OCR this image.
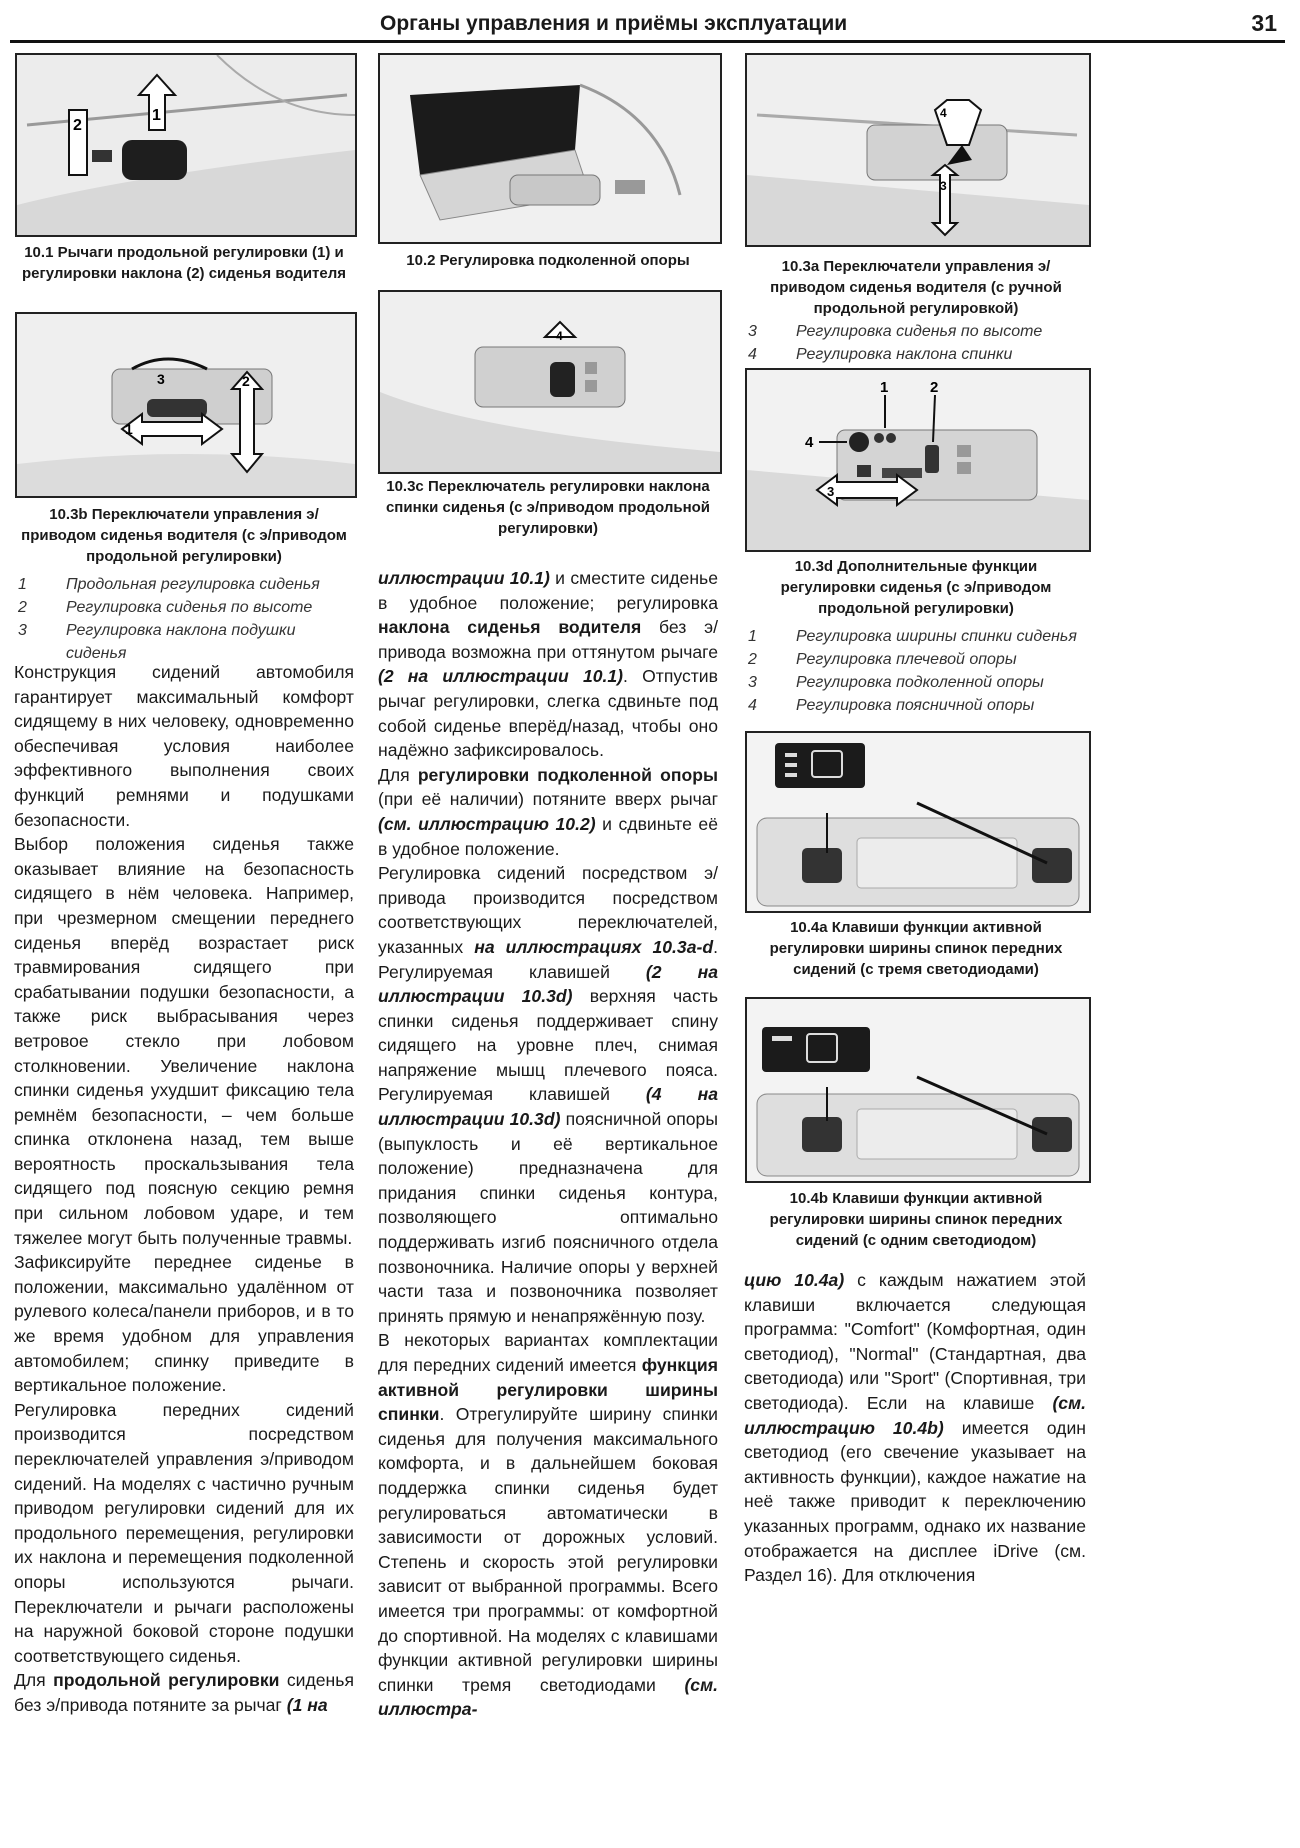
Органы управления и приёмы эксплуатации	31
2
1
10.1 Рычаги продольной регулировки (1) и регулировки наклона (2) сиденья водителя
1
2
3
10.3b Переключатели управления э/приводом сиденья водителя (с э/приводом продольной регулировки)
1	Продольная регулировка сиденья
2	Регулировка сиденья по высоте
3	Регулировка наклона подушки сиденья

Конструкция сидений автомобиля гарантирует максимальный комфорт сидящему в них человеку, одновременно обеспечивая условия наиболее эффективного выполнения своих функций ремнями и подушками безопасности.

Выбор положения сиденья также оказывает влияние на безопасность сидящего в нём человека. Например, при чрезмерном смещении переднего сиденья вперёд возрастает риск травмирования сидящего при срабатывании подушки безопасности, а также риск выбрасывания через ветровое стекло при лобовом столкновении. Увеличение наклона спинки сиденья ухудшит фиксацию тела ремнём безопасности, – чем больше спинка отклонена назад, тем выше вероятность проскальзывания тела сидящего под поясную секцию ремня при сильном лобовом ударе, и тем тяжелее могут быть полученные травмы.

Зафиксируйте переднее сиденье в положении, максимально удалённом от рулевого колеса/панели приборов, и в то же время удобном для управления автомобилем; спинку приведите в вертикальное положение.

Регулировка передних сидений производится посредством переключателей управления э/приводом сидений. На моделях с частично ручным приводом регулировки сидений для их продольного перемещения, регулировки их наклона и перемещения подколенной опоры используются рычаги. Переключатели и рычаги расположены на наружной боковой стороне подушки соответствующего сиденья.

Для продольной регулировки сиденья без э/привода потяните за рычаг (1 на

10.2 Регулировка подколенной опоры
4
10.3c Переключатель регулировки наклона спинки сиденья (с э/приводом продольной регулировки)

иллюстрации 10.1) и сместите сиденье в удобное положение; регулировка наклона сиденья водителя без э/привода возможна при оттянутом рычаге (2 на иллюстрации 10.1). Отпустив рычаг регулировки, слегка сдвиньте под собой сиденье вперёд/назад, чтобы оно надёжно зафиксировалось.

Для регулировки подколенной опоры (при её наличии) потяните вверх рычаг (см. иллюстрацию 10.2) и сдвиньте её в удобное положение.

Регулировка сидений посредством э/привода производится посредством соответствующих переключателей, указанных на иллюстрациях 10.3a-d. Регулируемая клавишей (2 на иллюстрации 10.3d) верхняя часть спинки сиденья поддерживает спину сидящего на уровне плеч, снимая напряжение мышц плечевого пояса. Регулируемая клавишей (4 на иллюстрации 10.3d) поясничной опоры (выпуклость и её вертикальное положение) предназначена для придания спинки сиденья контура, позволяющего оптимально поддерживать изгиб поясничного отдела позвоночника. Наличие опоры у верхней части таза и позвоночника позволяет принять прямую и ненапряжённую позу.

В некоторых вариантах комплектации для передних сидений имеется функция активной регулировки ширины спинки. Отрегулируйте ширину спинки сиденья для получения максимального комфорта, и в дальнейшем боковая поддержка спинки сиденья будет регулироваться автоматически в зависимости от дорожных условий. Степень и скорость этой регулировки зависит от выбранной программы. Всего имеется три программы: от комфортной до спортивной. На моделях с клавишами функции активной регулировки ширины спинки тремя светодиодами (см. иллюстра-

4
3
10.3a Переключатели управления э/приводом сиденья водителя (с ручной продольной регулировкой)
3	Регулировка сиденья по высоте
4	Регулировка наклона спинки
1	2
3
4
10.3d Дополнительные функции регулировки сиденья (с э/приводом продольной регулировки)
1	Регулировка ширины спинки сиденья
2	Регулировка плечевой опоры
3	Регулировка подколенной опоры
4	Регулировка поясничной опоры
10.4a Клавиши функции активной регулировки ширины спинок передних сидений (с тремя светодиодами)
10.4b Клавиши функции активной регулировки ширины спинок передних сидений (с одним светодиодом)

цию 10.4a) с каждым нажатием этой клавиши включается следующая программа: "Comfort" (Комфортная, один светодиод), "Normal" (Стандартная, два светодиода) или "Sport" (Спортивная, три светодиода). Если на клавише (см. иллюстрацию 10.4b) имеется один светодиод (его свечение указывает на активность функции), каждое нажатие на неё также приводит к переключению указанных программ, однако их название отображается на дисплее iDrive (см. Раздел 16). Для отключения
